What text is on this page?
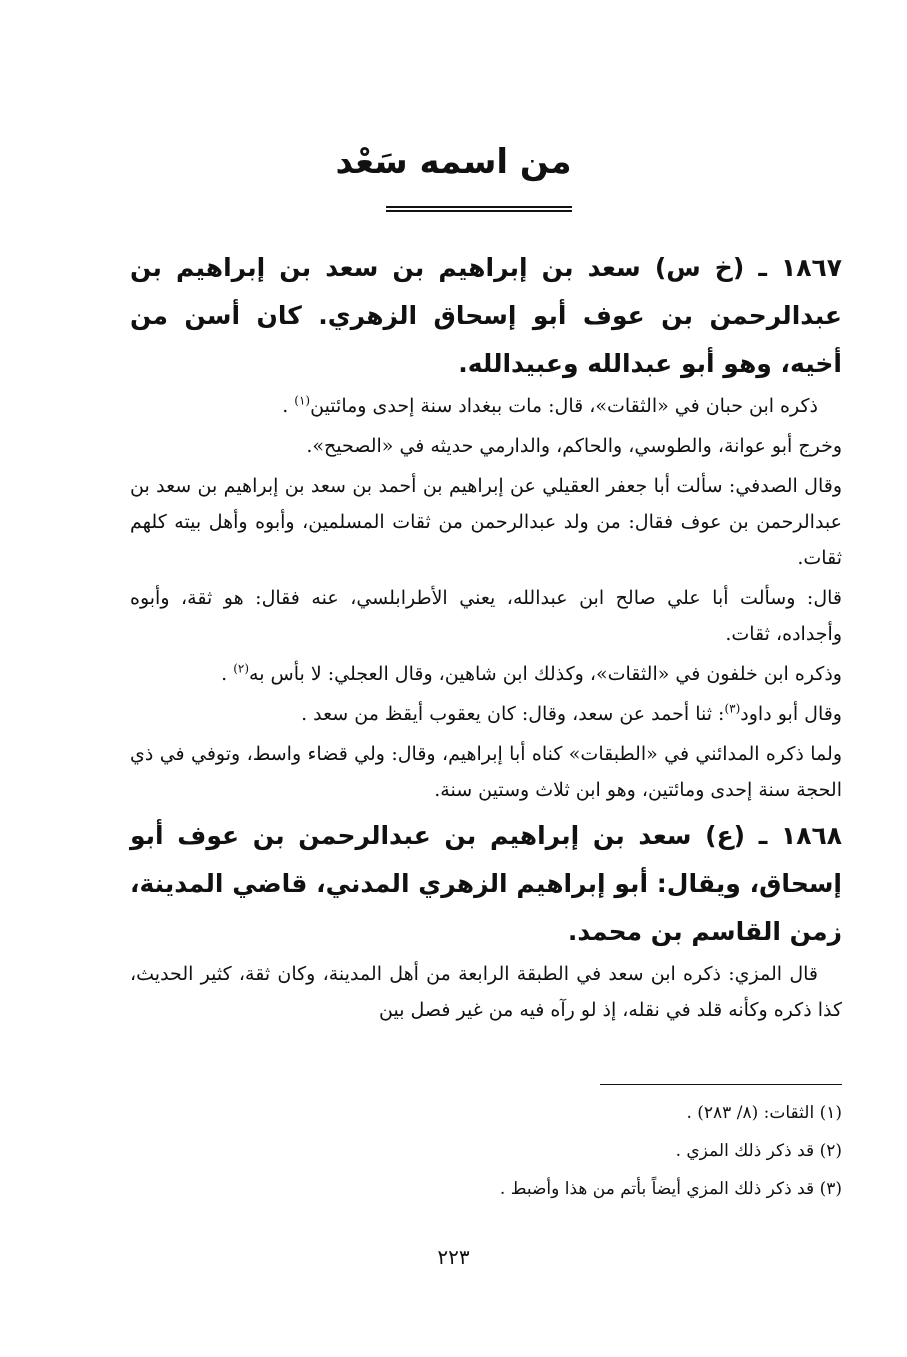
من اسمه سَعْد

١٨٦٧ ـ (خ س) سعد بن إبراهيم بن سعد بن إبراهيم بن عبدالرحمن بن عوف أبو إسحاق الزهري. كان أسن من أخيه، وهو أبو عبدالله وعبيدالله.

ذكره ابن حبان في «الثقات»، قال: مات ببغداد سنة إحدى ومائتين$^{(١)}$ .

وخرج أبو عوانة، والطوسي، والحاكم، والدارمي حديثه في «الصحيح».

وقال الصدفي: سألت أبا جعفر العقيلي عن إبراهيم بن أحمد بن سعد بن إبراهيم بن سعد بن عبدالرحمن بن عوف فقال: من ولد عبدالرحمن من ثقات المسلمين، وأبوه وأهل بيته كلهم ثقات.

قال: وسألت أبا علي صالح ابن عبدالله، يعني الأطرابلسي، عنه فقال: هو ثقة، وأبوه وأجداده، ثقات.

وذكره ابن خلفون في «الثقات»، وكذلك ابن شاهين، وقال العجلي: لا بأس به$^{(٢)}$ .

وقال أبو داود$^{(٣)}$: ثنا أحمد عن سعد، وقال: كان يعقوب أيقظ من سعد .

ولما ذكره المدائني في «الطبقات» كناه أبا إبراهيم، وقال: ولي قضاء واسط، وتوفي في ذي الحجة سنة إحدى ومائتين، وهو ابن ثلاث وستين سنة.

١٨٦٨ ـ (ع) سعد بن إبراهيم بن عبدالرحمن بن عوف أبو إسحاق، ويقال: أبو إبراهيم الزهري المدني، قاضي المدينة، زمن القاسم بن محمد.

قال المزي: ذكره ابن سعد في الطبقة الرابعة من أهل المدينة، وكان ثقة، كثير الحديث، كذا ذكره وكأنه قلد في نقله، إذ لو رآه فيه من غير فصل بين

(١) الثقات: (٨/ ٢٨٣) .
(٢) قد ذكر ذلك المزي .
(٣) قد ذكر ذلك المزي أيضاً بأتم من هذا وأضبط .
٢٢٣
